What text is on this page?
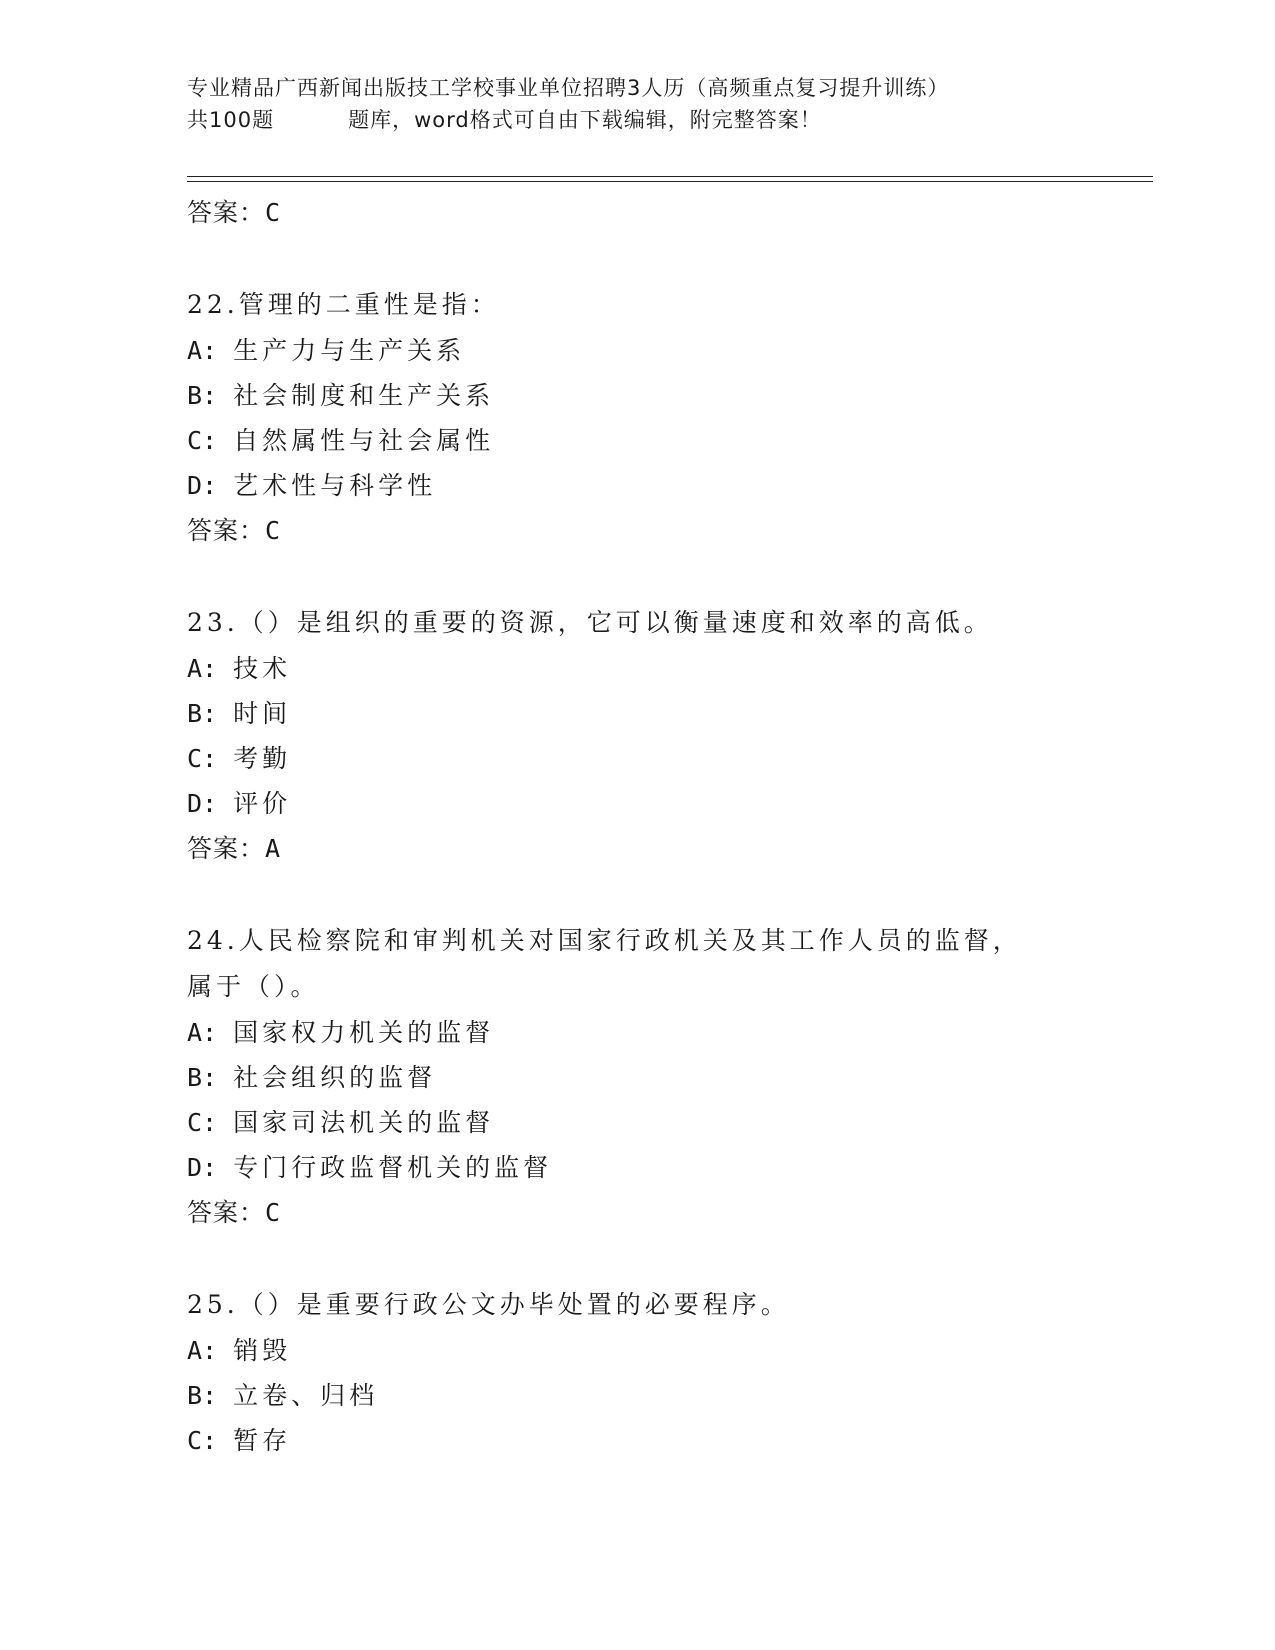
专业精品广西新闻出版技工学校事业单位招聘3人历（高频重点复习提升训练）
共100题	题库，word格式可自由下载编辑，附完整答案！
答案：C
22.管理的二重性是指：
A: 生产力与生产关系
B: 社会制度和生产关系
C: 自然属性与社会属性
D: 艺术性与科学性
答案：C
23.（）是组织的重要的资源，它可以衡量速度和效率的高低。
A: 技术
B: 时间
C: 考勤
D: 评价
答案：A
24.人民检察院和审判机关对国家行政机关及其工作人员的监督，属于（）。
A: 国家权力机关的监督
B: 社会组织的监督
C: 国家司法机关的监督
D: 专门行政监督机关的监督
答案：C
25.（）是重要行政公文办毕处置的必要程序。
A: 销毁
B: 立卷、归档
C: 暂存
